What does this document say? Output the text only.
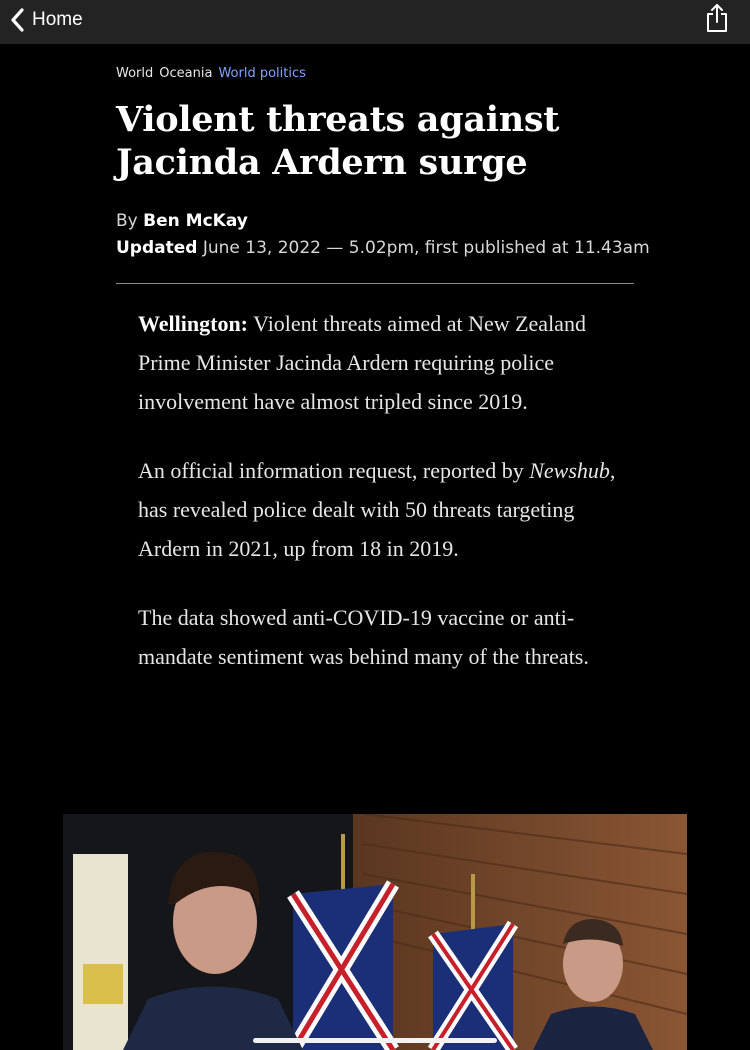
Home
World Oceania World politics
Violent threats against
Jacinda Ardern surge
By Ben McKay
Updated June 13, 2022 — 5.02pm, first published at 11.43am

Wellington: Violent threats aimed at New Zealand Prime Minister Jacinda Ardern requiring police involvement have almost tripled since 2019.

An official information request, reported by Newshub, has revealed police dealt with 50 threats targeting Ardern in 2021, up from 18 in 2019.

The data showed anti-COVID-19 vaccine or anti-mandate sentiment was behind many of the threats.
